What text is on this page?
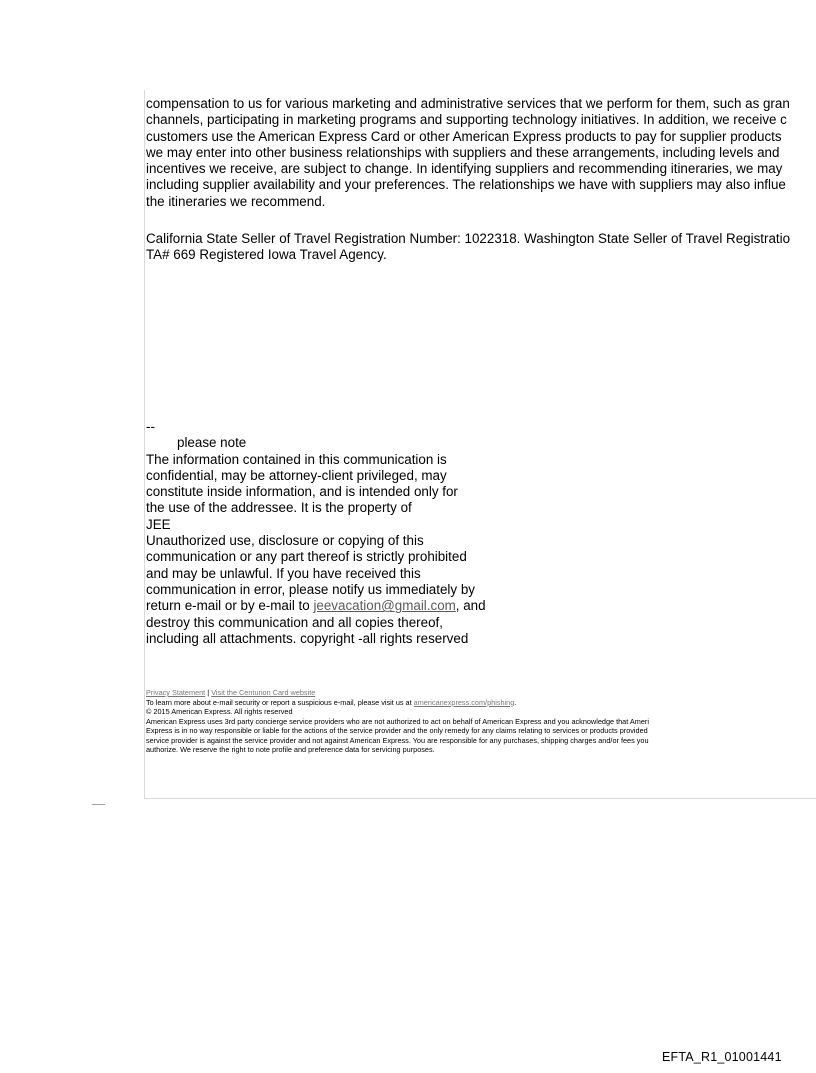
compensation to us for various marketing and administrative services that we perform for them, such as gran
channels, participating in marketing programs and supporting technology initiatives. In addition, we receive c
customers use the American Express Card or other American Express products to pay for supplier products
we may enter into other business relationships with suppliers and these arrangements, including levels and
incentives we receive, are subject to change. In identifying suppliers and recommending itineraries, we may
including supplier availability and your preferences. The relationships we have with suppliers may also influe
the itineraries we recommend.
California State Seller of Travel Registration Number: 1022318. Washington State Seller of Travel Registratio
TA# 669 Registered Iowa Travel Agency.
--
please note
The information contained in this communication is
confidential, may be attorney-client privileged, may
constitute inside information, and is intended only for
the use of the addressee. It is the property of
JEE
Unauthorized use, disclosure or copying of this
communication or any part thereof is strictly prohibited
and may be unlawful. If you have received this
communication in error, please notify us immediately by
return e-mail or by e-mail to jeevacation@gmail.com, and
destroy this communication and all copies thereof,
including all attachments. copyright -all rights reserved
Privacy Statement | Visit the Centurion Card website
To learn more about e-mail security or report a suspicious e-mail, please visit us at americanexpress.com/phishing.
© 2015 American Express. All rights reserved
American Express uses 3rd party concierge service providers who are not authorized to act on behalf of American Express and you acknowledge that Ameri
Express is in no way responsible or liable for the actions of the service provider and the only remedy for any claims relating to services or products provided
service provider is against the service provider and not against American Express. You are responsible for any purchases, shipping charges and/or fees you
authorize. We reserve the right to note profile and preference data for servicing purposes.
___
EFTA_R1_01001441
